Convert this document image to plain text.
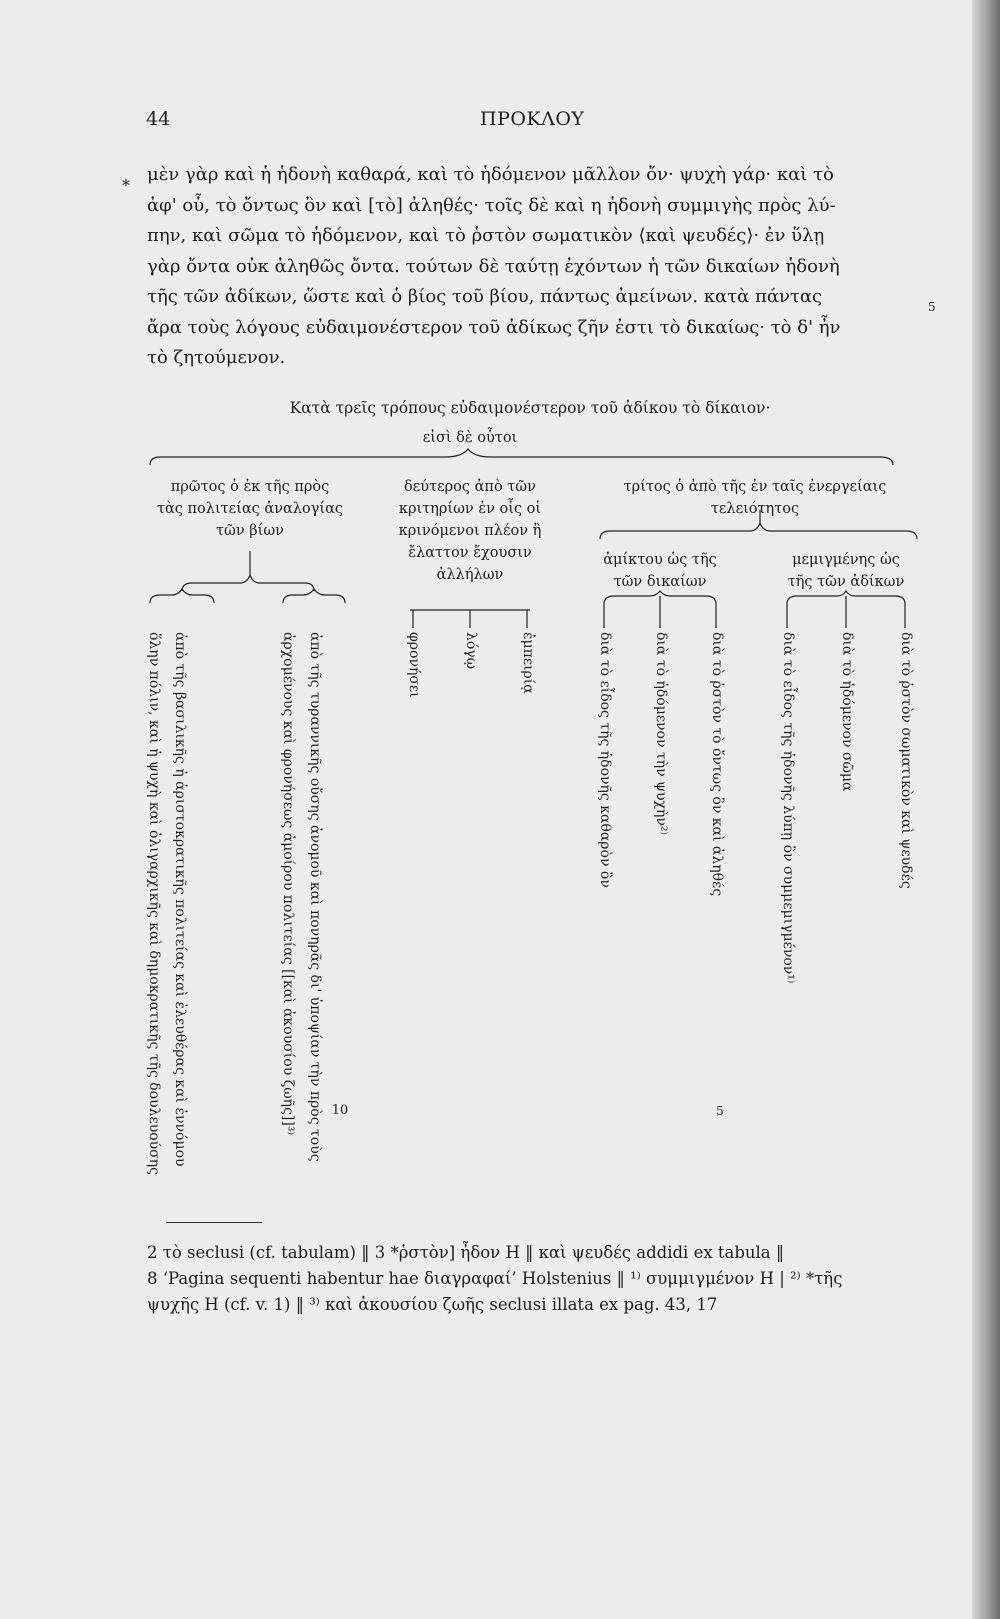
44	ΠΡΟΚΛΟΥ
*
μὲν γὰρ καὶ ἡ ἡδονὴ καθαρά, καὶ τὸ ἡδόμενον μᾶλλον ὄν· ψυχὴ γάρ· καὶ τὸ
ἀφ' οὗ, τὸ ὄντως ὂν καὶ [τὸ] ἀληθές· τοῖς δὲ καὶ η ἡδονὴ συμμιγὴς πρὸς λύ-
πην, καὶ σῶμα τὸ ἡδόμενον, καὶ τὸ ῥστὸν σωματικὸν ⟨καὶ ψευδές⟩· ἐν ὕλῃ
γὰρ ὄντα οὐκ ἀληθῶς ὄντα. τούτων δὲ ταύτῃ ἐχόντων ἡ τῶν δικαίων ἡδονὴ
τῆς τῶν ἀδίκων, ὥστε καὶ ὁ βίος τοῦ βίου, πάντως ἀμείνων. κατὰ πάντας
ἄρα τοὺς λόγους εὐδαιμονέστερον τοῦ ἀδίκως ζῆν ἐστι τὸ δικαίως· τὸ δ' ἦν
τὸ ζητούμενον.
5
Κατὰ τρεῖς τρόπους εὐδαιμονέστερον τοῦ ἀδίκου τὸ δίκαιον·
εἰσὶ δὲ οὗτοι
πρῶτος ὁ ἐκ τῆς πρὸς
τὰς πολιτείας ἀναλογίας
τῶν βίων
δεύτερος ἀπὸ τῶν
κριτηρίων ἐν οἷς οἱ
κρινόμενοι πλέον ἢ
ἔλαττον ἔχουσιν
ἀλλήλων
τρίτος ὁ ἀπὸ τῆς ἐν ταῖς ἐνεργείαις
τελειότητος
ἀμίκτου ὡς τῆς
τῶν δικαίων
μεμιγμένης ὡς
τῆς τῶν ἀδίκων
ἀπὸ τῆς βασιλικῆς ἡ ἀριστοκρατικῆς πολιτείας καὶ ἐλευθέρας καὶ ἐννόμου
ὅλην πόλιν, καὶ ἡ ψυχὴ καὶ ὀλιγαρχικῆς καὶ δημοκρατικῆς τῆς δουλευούσης	ἀπὸ τῆς τυραννικῆς οὔσης ἀνομοῦ καὶ πονηρᾶς δι' ὑποψίαν τὴν πρὸς τοὺς
ἀρχομένους καὶ φρονήσεως ἀμοίρου πολιτείας [[καὶ ἀκουσίου ζωῆς]]³⁾	φρονήσει	λόγῳ	ἐμπειρίᾳ	διὰ τὸ εἶδος τῆς ἡδονῆς καθαρὸν ὂν	διὰ τὸ ἡδόμενον τὴν ψυχὴν²⁾	διὰ τὸ ῥστὸν τὸ ὄντως ὂν καὶ ἀληθές	διὰ τὸ εἶδος τῆς ἡδονῆς λύπῃ ὂν συμμεμιγμένον¹⁾	διὰ τὸ ἡδόμενον σῶμα	διὰ τὸ ῥστὸν σωματικὸν καὶ ψευδές
5
10
2 τὸ seclusi (cf. tabulam) ‖ 3 *ῥστὸν] ἦδον H ‖ καὶ ψευδές addidi ex tabula ‖
8 ‘Pagina sequenti habentur hae διαγραφαί’ Holstenius ‖ ¹⁾ συμμιγμένον H | ²⁾ *τῆς
ψυχῆς H (cf. v. 1) ‖ ³⁾ καὶ ἀκουσίου ζωῆς seclusi illata ex pag. 43, 17
